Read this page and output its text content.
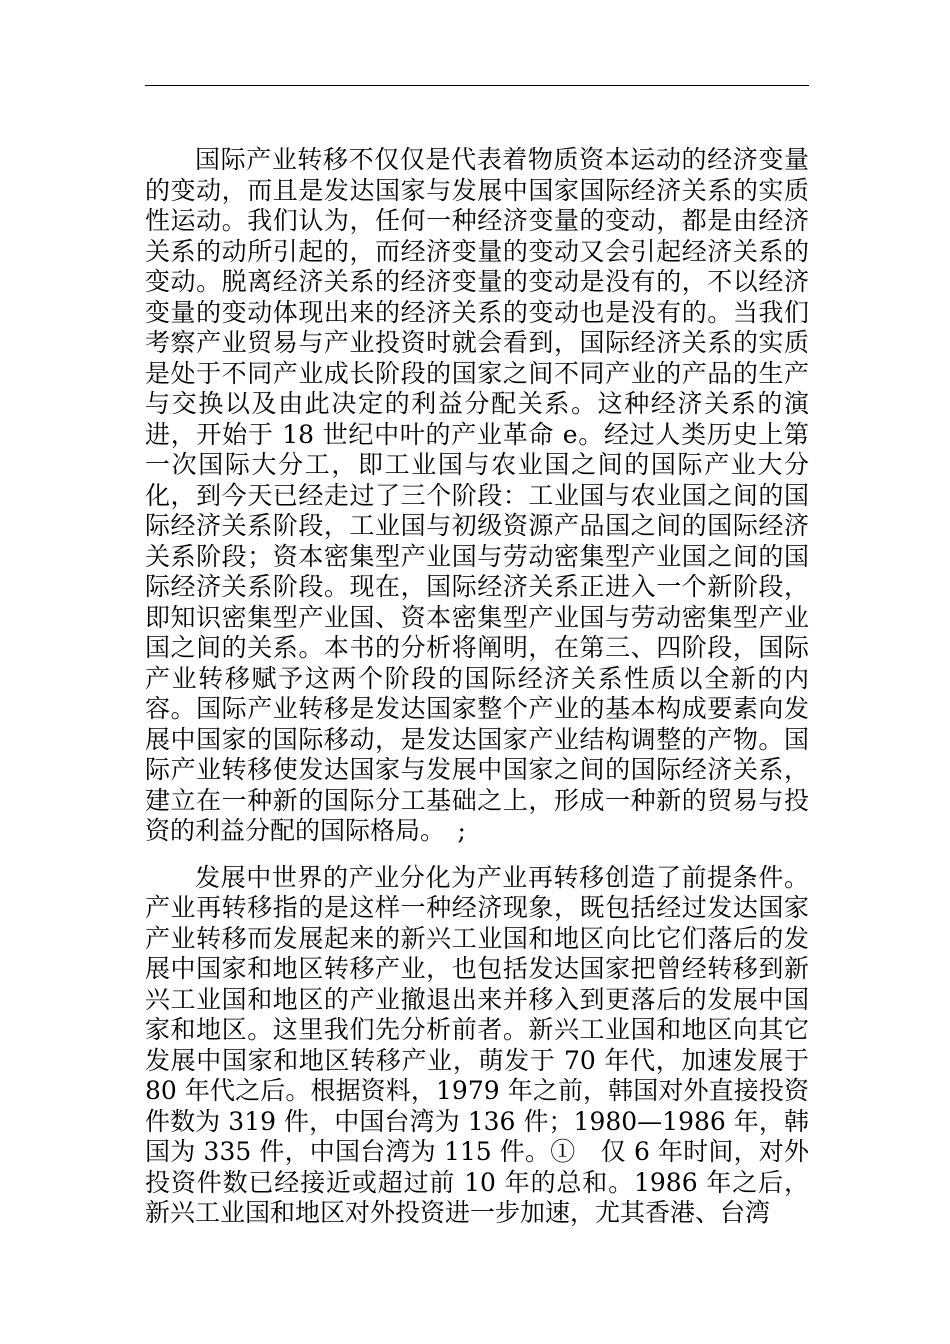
国际产业转移不仅仅是代表着物质资本运动的经济变量的变动，而且是发达国家与发展中国家国际经济关系的实质性运动。我们认为，任何一种经济变量的变动，都是由经济关系的动所引起的，而经济变量的变动又会引起经济关系的变动。脱离经济关系的经济变量的变动是没有的，不以经济变量的变动体现出来的经济关系的变动也是没有的。当我们考察产业贸易与产业投资时就会看到，国际经济关系的实质是处于不同产业成长阶段的国家之间不同产业的产品的生产与交换以及由此决定的利益分配关系。这种经济关系的演进，开始于 18 世纪中叶的产业革命 e。经过人类历史上第一次国际大分工，即工业国与农业国之间的国际产业大分化，到今天已经走过了三个阶段：工业国与农业国之间的国际经济关系阶段，工业国与初级资源产品国之间的国际经济关系阶段；资本密集型产业国与劳动密集型产业国之间的国际经济关系阶段。现在，国际经济关系正进入一个新阶段，即知识密集型产业国、资本密集型产业国与劳动密集型产业国之间的关系。本书的分析将阐明，在第三、四阶段，国际产业转移赋予这两个阶段的国际经济关系性质以全新的内容。国际产业转移是发达国家整个产业的基本构成要素向发展中国家的国际移动，是发达国家产业结构调整的产物。国际产业转移使发达国家与发展中国家之间的国际经济关系，建立在一种新的国际分工基础之上，形成一种新的贸易与投资的利益分配的国际格局。　;

发展中世界的产业分化为产业再转移创造了前提条件。产业再转移指的是这样一种经济现象，既包括经过发达国家产业转移而发展起来的新兴工业国和地区向比它们落后的发展中国家和地区转移产业，也包括发达国家把曾经转移到新兴工业国和地区的产业撤退出来并移入到更落后的发展中国家和地区。这里我们先分析前者。新兴工业国和地区向其它发展中国家和地区转移产业，萌发于 70 年代，加速发展于 80 年代之后。根据资料，1979 年之前，韩国对外直接投资件数为 319 件，中国台湾为 136 件；1980—1986 年，韩国为 335 件，中国台湾为 115 件。①　仅 6 年时间，对外投资件数已经接近或超过前 10 年的总和。1986 年之后，新兴工业国和地区对外投资进一步加速，尤其香港、台湾
